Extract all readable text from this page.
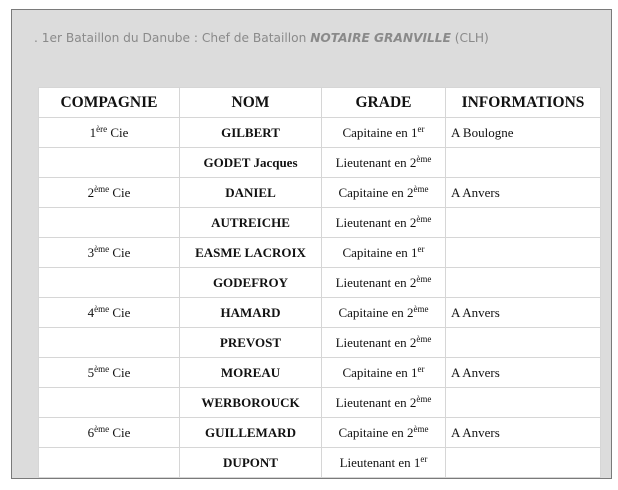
. 1er Bataillon du Danube : Chef de Bataillon NOTAIRE GRANVILLE (CLH)
COMPAGNIE	NOM	GRADE	INFORMATIONS
1ère Cie	GILBERT	Capitaine en 1er	A Boulogne
	GODET Jacques	Lieutenant en 2ème	
2ème Cie	DANIEL	Capitaine en 2ème	A Anvers
	AUTREICHE	Lieutenant en 2ème	
3ème Cie	EASME LACROIX	Capitaine en 1er	
	GODEFROY	Lieutenant en 2ème	
4ème Cie	HAMARD	Capitaine en 2ème	A Anvers
	PREVOST	Lieutenant en 2ème	
5ème Cie	MOREAU	Capitaine en 1er	A Anvers
	WERBOROUCK	Lieutenant en 2ème	
6ème Cie	GUILLEMARD	Capitaine en 2ème	A Anvers
	DUPONT	Lieutenant en 1er	
